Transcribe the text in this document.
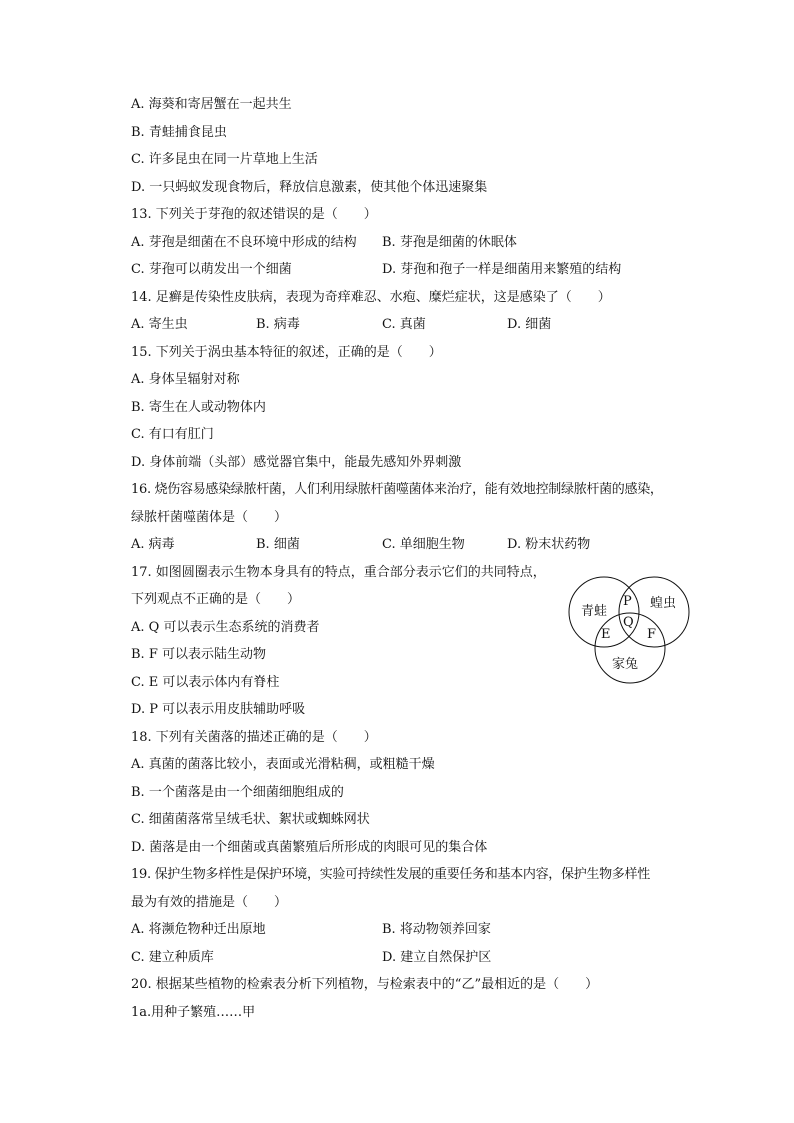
A. 海葵和寄居蟹在一起共生
B. 青蛙捕食昆虫
C. 许多昆虫在同一片草地上生活
D. 一只蚂蚁发现食物后，释放信息激素，使其他个体迅速聚集
13. 下列关于芽孢的叙述错误的是（　　）
A. 芽孢是细菌在不良环境中形成的结构 B. 芽孢是细菌的休眠体
C. 芽孢可以萌发出一个细菌	D. 芽孢和孢子一样是细菌用来繁殖的结构
14. 足癣是传染性皮肤病，表现为奇痒难忍、水疱、糜烂症状，这是感染了（　　）
A. 寄生虫	B. 病毒	C. 真菌	D. 细菌
15. 下列关于涡虫基本特征的叙述，正确的是（　　）
A. 身体呈辐射对称
B. 寄生在人或动物体内
C. 有口有肛门
D. 身体前端（头部）感觉器官集中，能最先感知外界刺激
16. 烧伤容易感染绿脓杆菌，人们利用绿脓杆菌噬菌体来治疗，能有效地控制绿脓杆菌的感染，
绿脓杆菌噬菌体是（　　）
A. 病毒	B. 细菌	C. 单细胞生物	D. 粉末状药物
17. 如图圆圈表示生物本身具有的特点，重合部分表示它们的共同特点，
下列观点不正确的是（　　）
A. Q 可以表示生态系统的消费者
B. F 可以表示陆生动物
C. E 可以表示体内有脊柱
D. P 可以表示用皮肤辅助呼吸
青蛙
蝗虫
家兔
P
Q
E	F
18. 下列有关菌落的描述正确的是（　　）
A. 真菌的菌落比较小，表面或光滑粘稠，或粗糙干燥
B. 一个菌落是由一个细菌细胞组成的
C. 细菌菌落常呈绒毛状、絮状或蜘蛛网状
D. 菌落是由一个细菌或真菌繁殖后所形成的肉眼可见的集合体
19. 保护生物多样性是保护环境，实验可持续性发展的重要任务和基本内容，保护生物多样性
最为有效的措施是（　　）
A. 将濒危物种迁出原地	B. 将动物领养回家
C. 建立种质库	D. 建立自然保护区
20. 根据某些植物的检索表分析下列植物，与检索表中的“乙”最相近的是（　　）
1a.用种子繁殖……甲
